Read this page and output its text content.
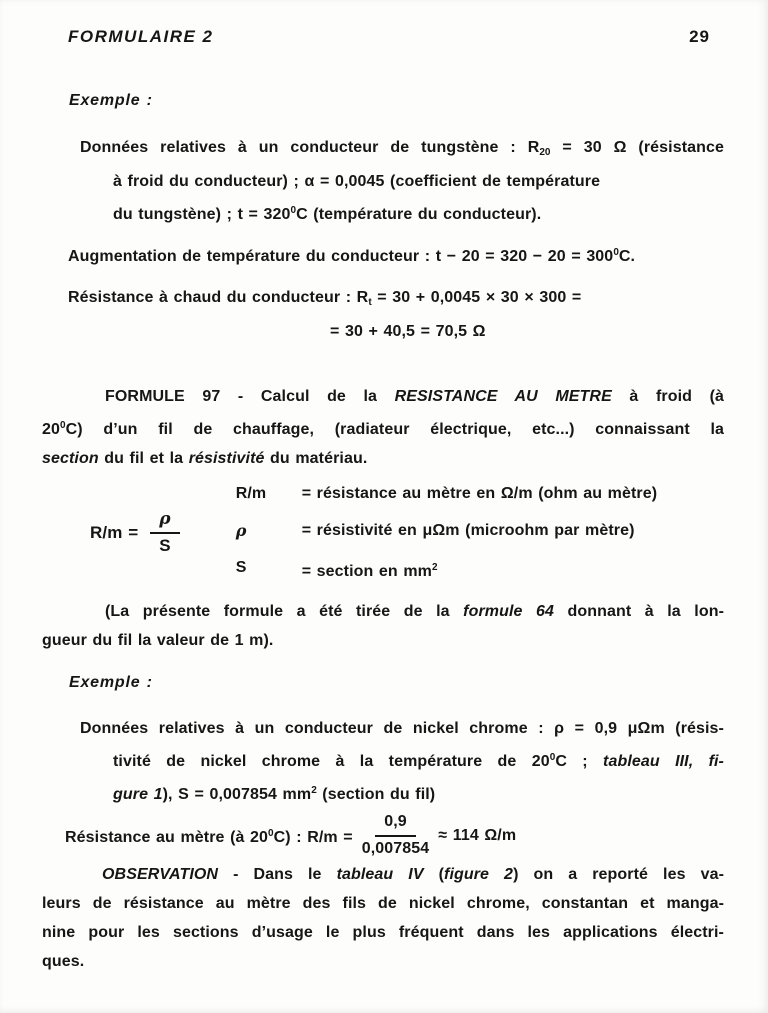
FORMULAIRE 2	29
Exemple :
Données relatives à un conducteur de tungstène : R20 = 30 Ω (résistance
à froid du conducteur) ; α = 0,0045 (coefficient de température
du tungstène) ; $t = 320^0C$ (température du conducteur).
Augmentation de température du conducteur : $t - 20 = 320 - 20 = 300^0C$.
Résistance à chaud du conducteur : Rt = 30 + 0,0045 × 30 × 300 =
= 30 + 40,5 = 70,5 Ω
FORMULE 97 - Calcul de la RESISTANCE AU METRE à froid (à
$20^0C$) d’un fil de chauffage, (radiateur électrique, etc...) connaissant la
section du fil et la résistivité du matériau.
$R/m = \frac{\rho}{S}$
R/m	= résistance au mètre en Ω/m (ohm au mètre)
ρ	= résistivité en μΩm (microohm par mètre)
S	= section en $mm^2$
(La présente formule a été tirée de la formule 64 donnant à la lon-
gueur du fil la valeur de 1 m).
Exemple :
Données relatives à un conducteur de nickel chrome : ρ = 0,9 μΩm (résis-
tivité de nickel chrome à la température de $20^0C$ ; tableau III, fi-
gure 1), S = 0,007854 $mm^2$ (section du fil)
Résistance au mètre (à $20^0C$) : $R/m = \frac{0,9}{0,007854} \approx 114$ Ω/m
OBSERVATION - Dans le tableau IV (figure 2) on a reporté les va-
leurs de résistance au mètre des fils de nickel chrome, constantan et manga-
nine pour les sections d’usage le plus fréquent dans les applications électri-
ques.
